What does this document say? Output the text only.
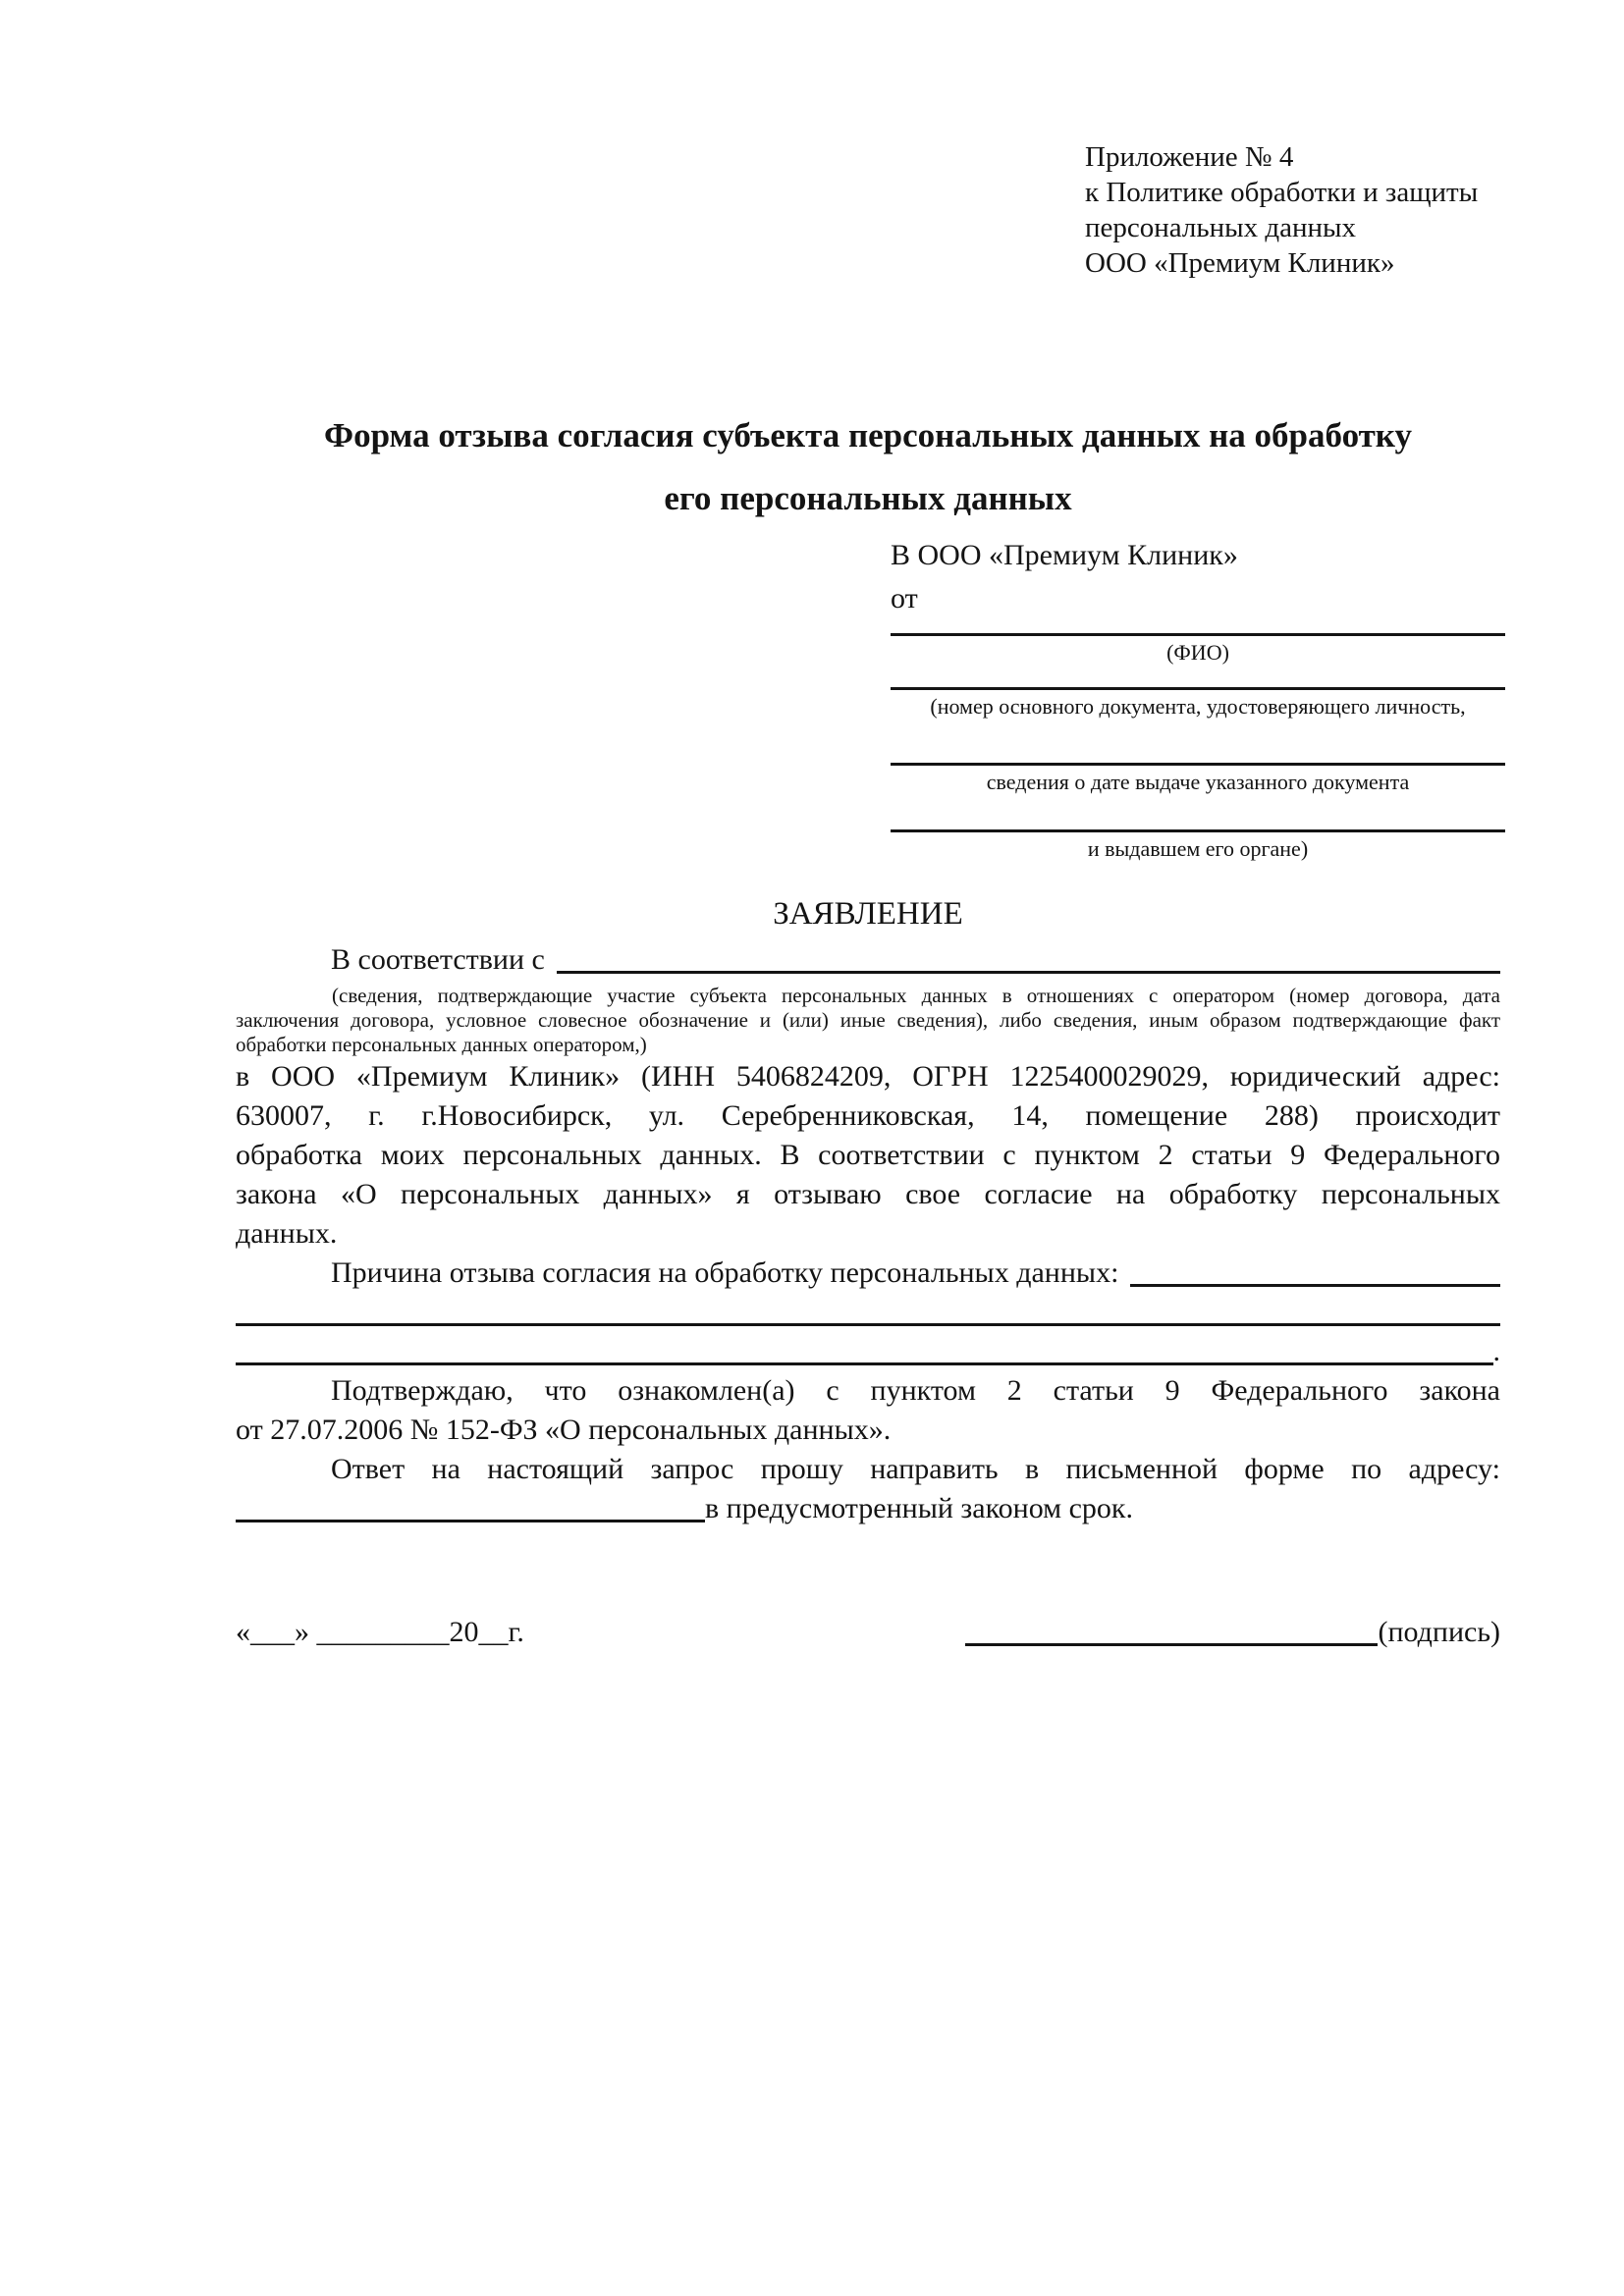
Приложение № 4
к Политике обработки и защиты
персональных данных
ООО «Премиум Клиник»
Форма отзыва согласия субъекта персональных данных на обработку
его персональных данных
В ООО «Премиум Клиник»
от
(ФИО)
(номер основного документа, удостоверяющего личность,
сведения о дате выдаче указанного документа
и выдавшем его органе)
ЗАЯВЛЕНИЕ
В соответствии с
(сведения, подтверждающие участие субъекта персональных данных в отношениях с оператором (номер договора, дата
заключения договора, условное словесное обозначение и (или) иные сведения), либо сведения, иным образом подтверждающие факт
обработки персональных данных оператором,)
в ООО «Премиум Клиник» (ИНН 5406824209, ОГРН 1225400029029, юридический адрес:
630007, г. г.Новосибирск, ул. Серебренниковская, 14, помещение 288) происходит
обработка моих персональных данных. В соответствии с пунктом 2 статьи 9 Федерального
закона «О персональных данных» я отзываю свое согласие на обработку персональных
данных.
Причина отзыва согласия на обработку персональных данных:
.
Подтверждаю, что ознакомлен(а) с пунктом 2 статьи 9 Федерального закона
от 27.07.2006 № 152-ФЗ «О персональных данных».
Ответ на настоящий запрос прошу направить в письменной форме по адресу:
в предусмотренный законом срок.
«___» _________20__г.	(подпись)
